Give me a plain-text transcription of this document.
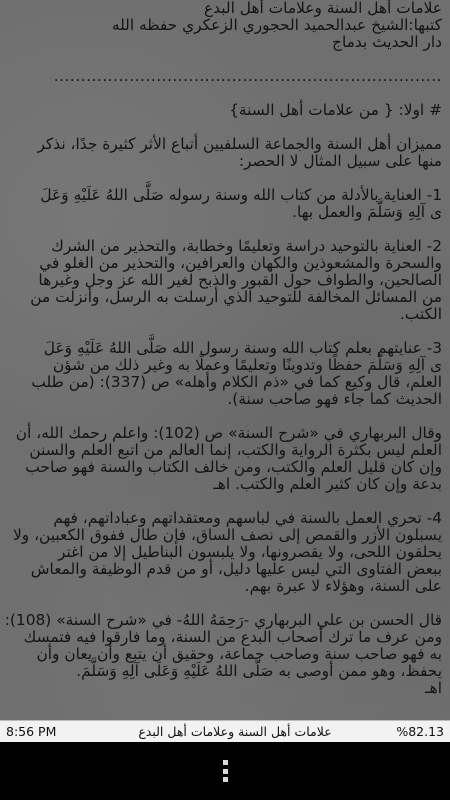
علامات أهل السنة وعلامات أهل البدع
كتبها:الشيخ عبدالحميد الحجوري الزعكري حفظه الله
دار الحديث بدماج
........................................................................
# اولا: { من علامات أهل السنة}
مميزان أهل السنة والجماعة السلفيين أتباع الأثر كثيرة جدًا، نذكر
منها على سبيل المثال لا الحصر:
1- العناية بالأدلة من كتاب الله وسنة رسوله صَلَّى اللهُ عَلَيْهِ وَعَلَ
ى آلِهِ وَسَلَّمَ والعمل بها.
2- العناية بالتوحيد دراسة وتعليمًا وخطابة، والتحذير من الشرك
والسحرة والمشعوذين والكهان والعرافين، والتحذير من الغلو في
الصالحين، والطواف حول القبور والذبح لغير الله عز وجل وغيرها
من المسائل المخالفة للتوحيد الذي أرسلت به الرسل، وأنزلت من
الكتب.
3- عنايتهم بعلم كتاب الله وسنة رسول الله صَلَّى اللهُ عَلَيْهِ وَعَلَ
ى آلِهِ وَسَلَّمَ حفظًا وتدوينًا وتعليمًا وعملًا به وغير ذلك من شؤن
العلم، قال وكيع كما في «ذم الكلام وأهله» ص (337): (من طلب
الحديث كما جاء فهو صاحب سنة).
وقال البربهاري في «شرح السنة» ص (102): واعلم رحمك الله، أن
العلم ليس بكثرة الرواية والكتب، إنما العالم من اتبع العلم والسنن
وإن كان قليل العلم والكتب، ومن خالف الكتاب والسنة فهو صاحب
بدعة وإن كان كثير العلم والكتب. اهـ
4- تحري العمل بالسنة في لباسهم ومعتقداتهم وعباداتهم، فهم
يسبلون الأزر والقمص إلى نصف الساق، فإن طال ففوق الكعبين، ولا
يحلقون اللحى، ولا يقصرونها، ولا يلبسون البناطيل إلا من اغتر
ببعض الفتاوى التي ليس عليها دليل، أو من قدم الوظيفة والمعاش
على السنة، وهؤلاء لا عبرة بهم.
قال الحسن بن علي البربهاري -رَحِمَهُ اللهُ- في «شرح السنة» (108):
ومن عرف ما ترك أصحاب البدع من السنة، وما فارقوا فيه فتمسك
به فهو صاحب سنة وصاحب جماعة، وحقيق أن يتبع وأن يعان وأن
يحفظ، وهو ممن أوصى به صَلَّى اللهُ عَلَيْهِ وَعَلَى آلِهِ وَسَلَّمَ.
اهـ
8:56 PM	علامات أهل السنة وعلامات أهل البدع	%82.13
